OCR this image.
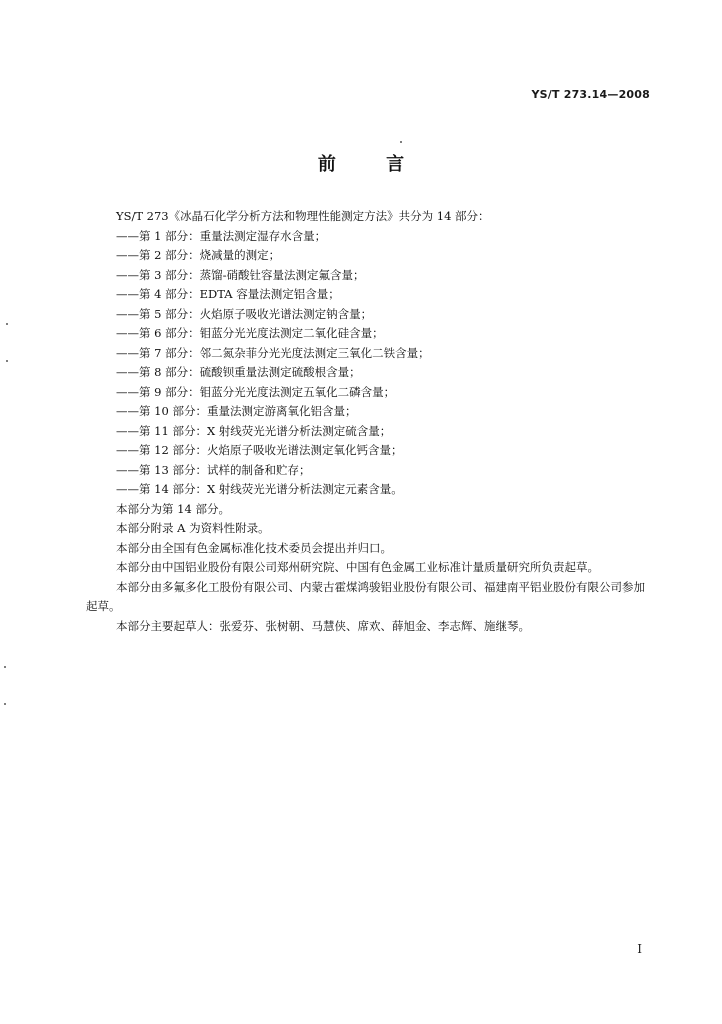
YS/T 273.14—2008
前 言
YS/T 273《冰晶石化学分析方法和物理性能测定方法》共分为 14 部分：
——第 1 部分：重量法测定湿存水含量；
——第 2 部分：烧减量的测定；
——第 3 部分：蒸馏-硝酸钍容量法测定氟含量；
——第 4 部分：EDTA 容量法测定铝含量；
——第 5 部分：火焰原子吸收光谱法测定钠含量；
——第 6 部分：钼蓝分光光度法测定二氧化硅含量；
——第 7 部分：邻二氮杂菲分光光度法测定三氧化二铁含量；
——第 8 部分：硫酸钡重量法测定硫酸根含量；
——第 9 部分：钼蓝分光光度法测定五氧化二磷含量；
——第 10 部分：重量法测定游离氧化铝含量；
——第 11 部分：X 射线荧光光谱分析法测定硫含量；
——第 12 部分：火焰原子吸收光谱法测定氧化钙含量；
——第 13 部分：试样的制备和贮存；
——第 14 部分：X 射线荧光光谱分析法测定元素含量。
本部分为第 14 部分。
本部分附录 A 为资料性附录。
本部分由全国有色金属标准化技术委员会提出并归口。
本部分由中国铝业股份有限公司郑州研究院、中国有色金属工业标准计量质量研究所负责起草。
本部分由多氟多化工股份有限公司、内蒙古霍煤鸿骏铝业股份有限公司、福建南平铝业股份有限公司参加起草。
本部分主要起草人：张爱芬、张树朝、马慧侠、席欢、薛旭金、李志辉、施继琴。
I
